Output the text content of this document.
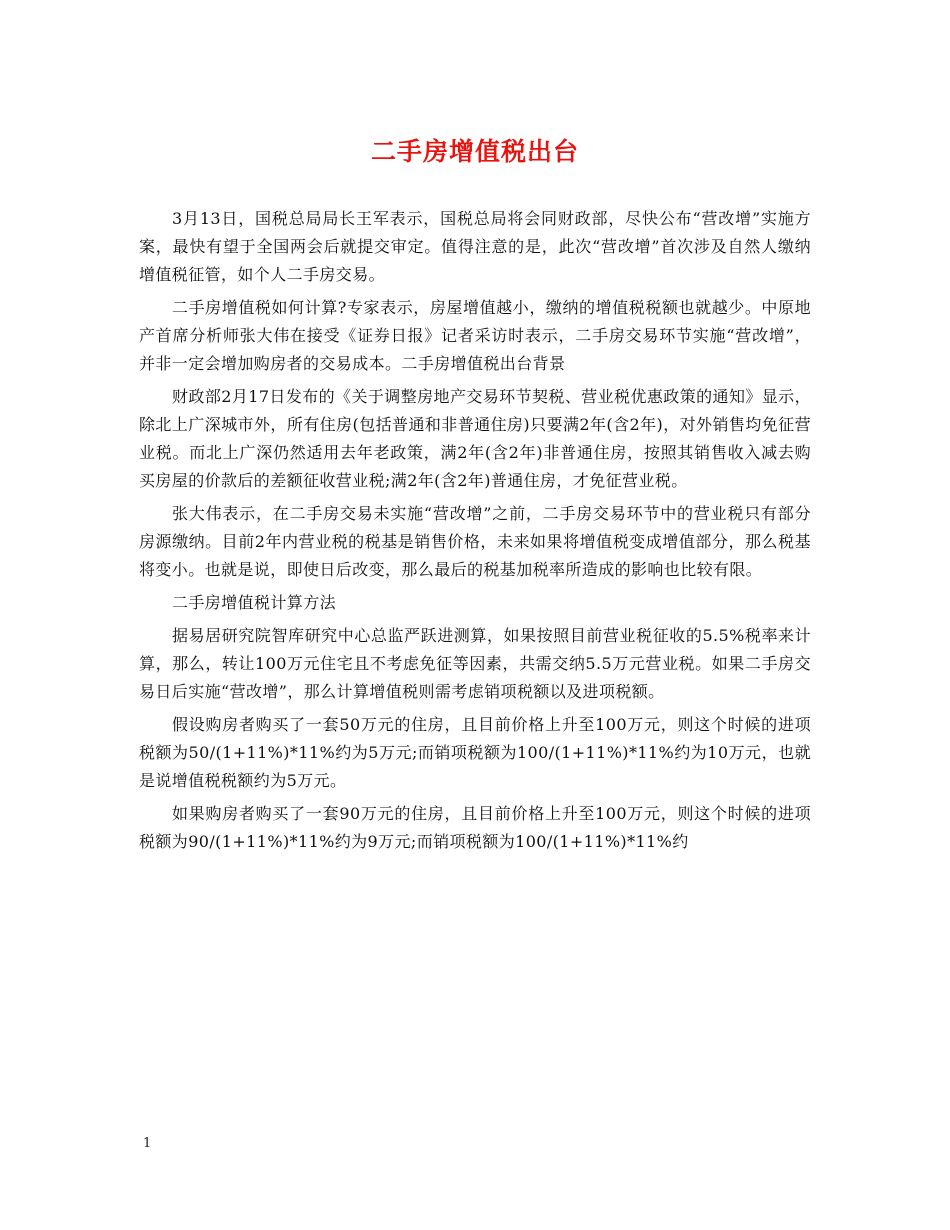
二手房增值税出台

3月13日，国税总局局长王军表示，国税总局将会同财政部，尽快公布“营改增”实施方案，最快有望于全国两会后就提交审定。值得注意的是，此次“营改增”首次涉及自然人缴纳增值税征管，如个人二手房交易。

二手房增值税如何计算?专家表示，房屋增值越小，缴纳的增值税税额也就越少。中原地产首席分析师张大伟在接受《证券日报》记者采访时表示，二手房交易环节实施“营改增”，并非一定会增加购房者的交易成本。二手房增值税出台背景

财政部2月17日发布的《关于调整房地产交易环节契税、营业税优惠政策的通知》显示，除北上广深城市外，所有住房(包括普通和非普通住房)只要满2年(含2年)，对外销售均免征营业税。而北上广深仍然适用去年老政策，满2年(含2年)非普通住房，按照其销售收入减去购买房屋的价款后的差额征收营业税;满2年(含2年)普通住房，才免征营业税。

张大伟表示，在二手房交易未实施“营改增”之前，二手房交易环节中的营业税只有部分房源缴纳。目前2年内营业税的税基是销售价格，未来如果将增值税变成增值部分，那么税基将变小。也就是说，即使日后改变，那么最后的税基加税率所造成的影响也比较有限。

二手房增值税计算方法

据易居研究院智库研究中心总监严跃进测算，如果按照目前营业税征收的5.5%税率来计算，那么，转让100万元住宅且不考虑免征等因素，共需交纳5.5万元营业税。如果二手房交易日后实施“营改增”，那么计算增值税则需考虑销项税额以及进项税额。

假设购房者购买了一套50万元的住房，且目前价格上升至100万元，则这个时候的进项税额为50/(1+11%)*11%约为5万元;而销项税额为100/(1+11%)*11%约为10万元，也就是说增值税税额约为5万元。

如果购房者购买了一套90万元的住房，且目前价格上升至100万元，则这个时候的进项税额为90/(1+11%)*11%约为9万元;而销项税额为100/(1+11%)*11%约

1
